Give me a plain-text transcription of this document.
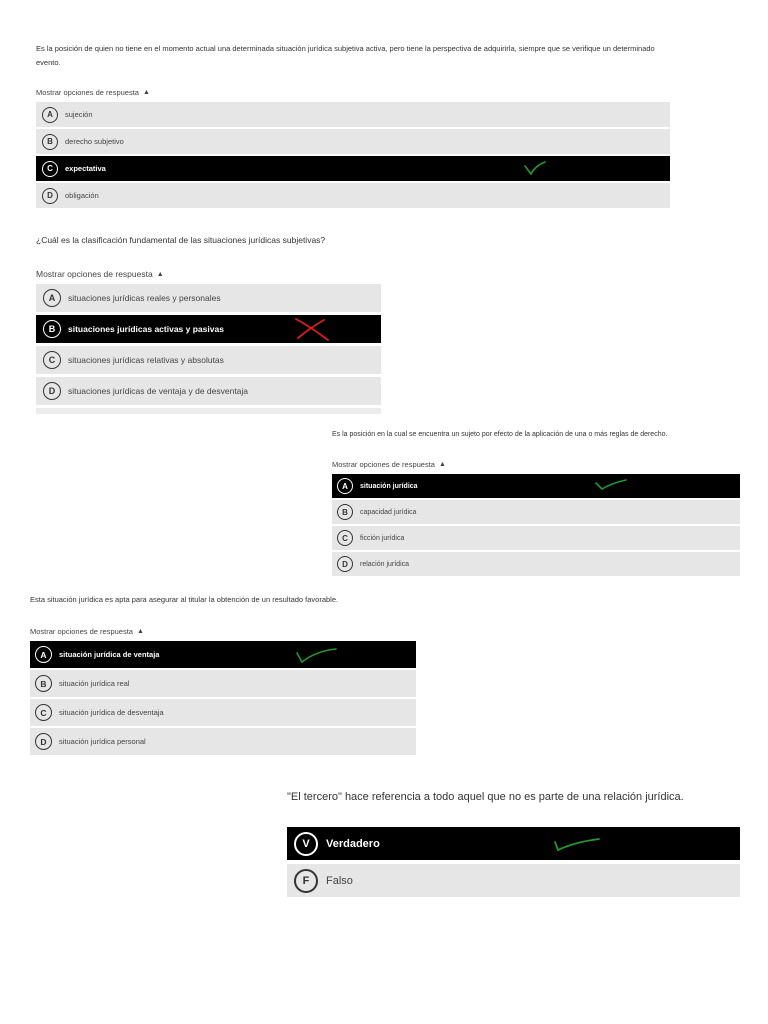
Es la posición de quien no tiene en el momento actual una determinada situación jurídica subjetiva activa, pero tiene la perspectiva de adquirirla, siempre que se verifique un determinado evento.

Mostrar opciones de respuesta ▲
A	sujeción
B	derecho subjetivo
C	expectativa
D	obligación

¿Cuál es la clasificación fundamental de las situaciones jurídicas subjetivas?

Mostrar opciones de respuesta ▲
A	situaciones jurídicas reales y personales
B	situaciones jurídicas activas y pasivas
C	situaciones jurídicas relativas y absolutas
D	situaciones jurídicas de ventaja y de desventaja

Es la posición en la cual se encuentra un sujeto por efecto de la aplicación de una o más reglas de derecho.

Mostrar opciones de respuesta ▲
A	situación jurídica
B	capacidad jurídica
C	ficción jurídica
D	relación jurídica

Esta situación jurídica es apta para asegurar al titular la obtención de un resultado favorable.

Mostrar opciones de respuesta ▲
A	situación jurídica de ventaja
B	situación jurídica real
C	situación jurídica de desventaja
D	situación jurídica personal

"El tercero" hace referencia a todo aquel que no es parte de una relación jurídica.

V	Verdadero
F	Falso
